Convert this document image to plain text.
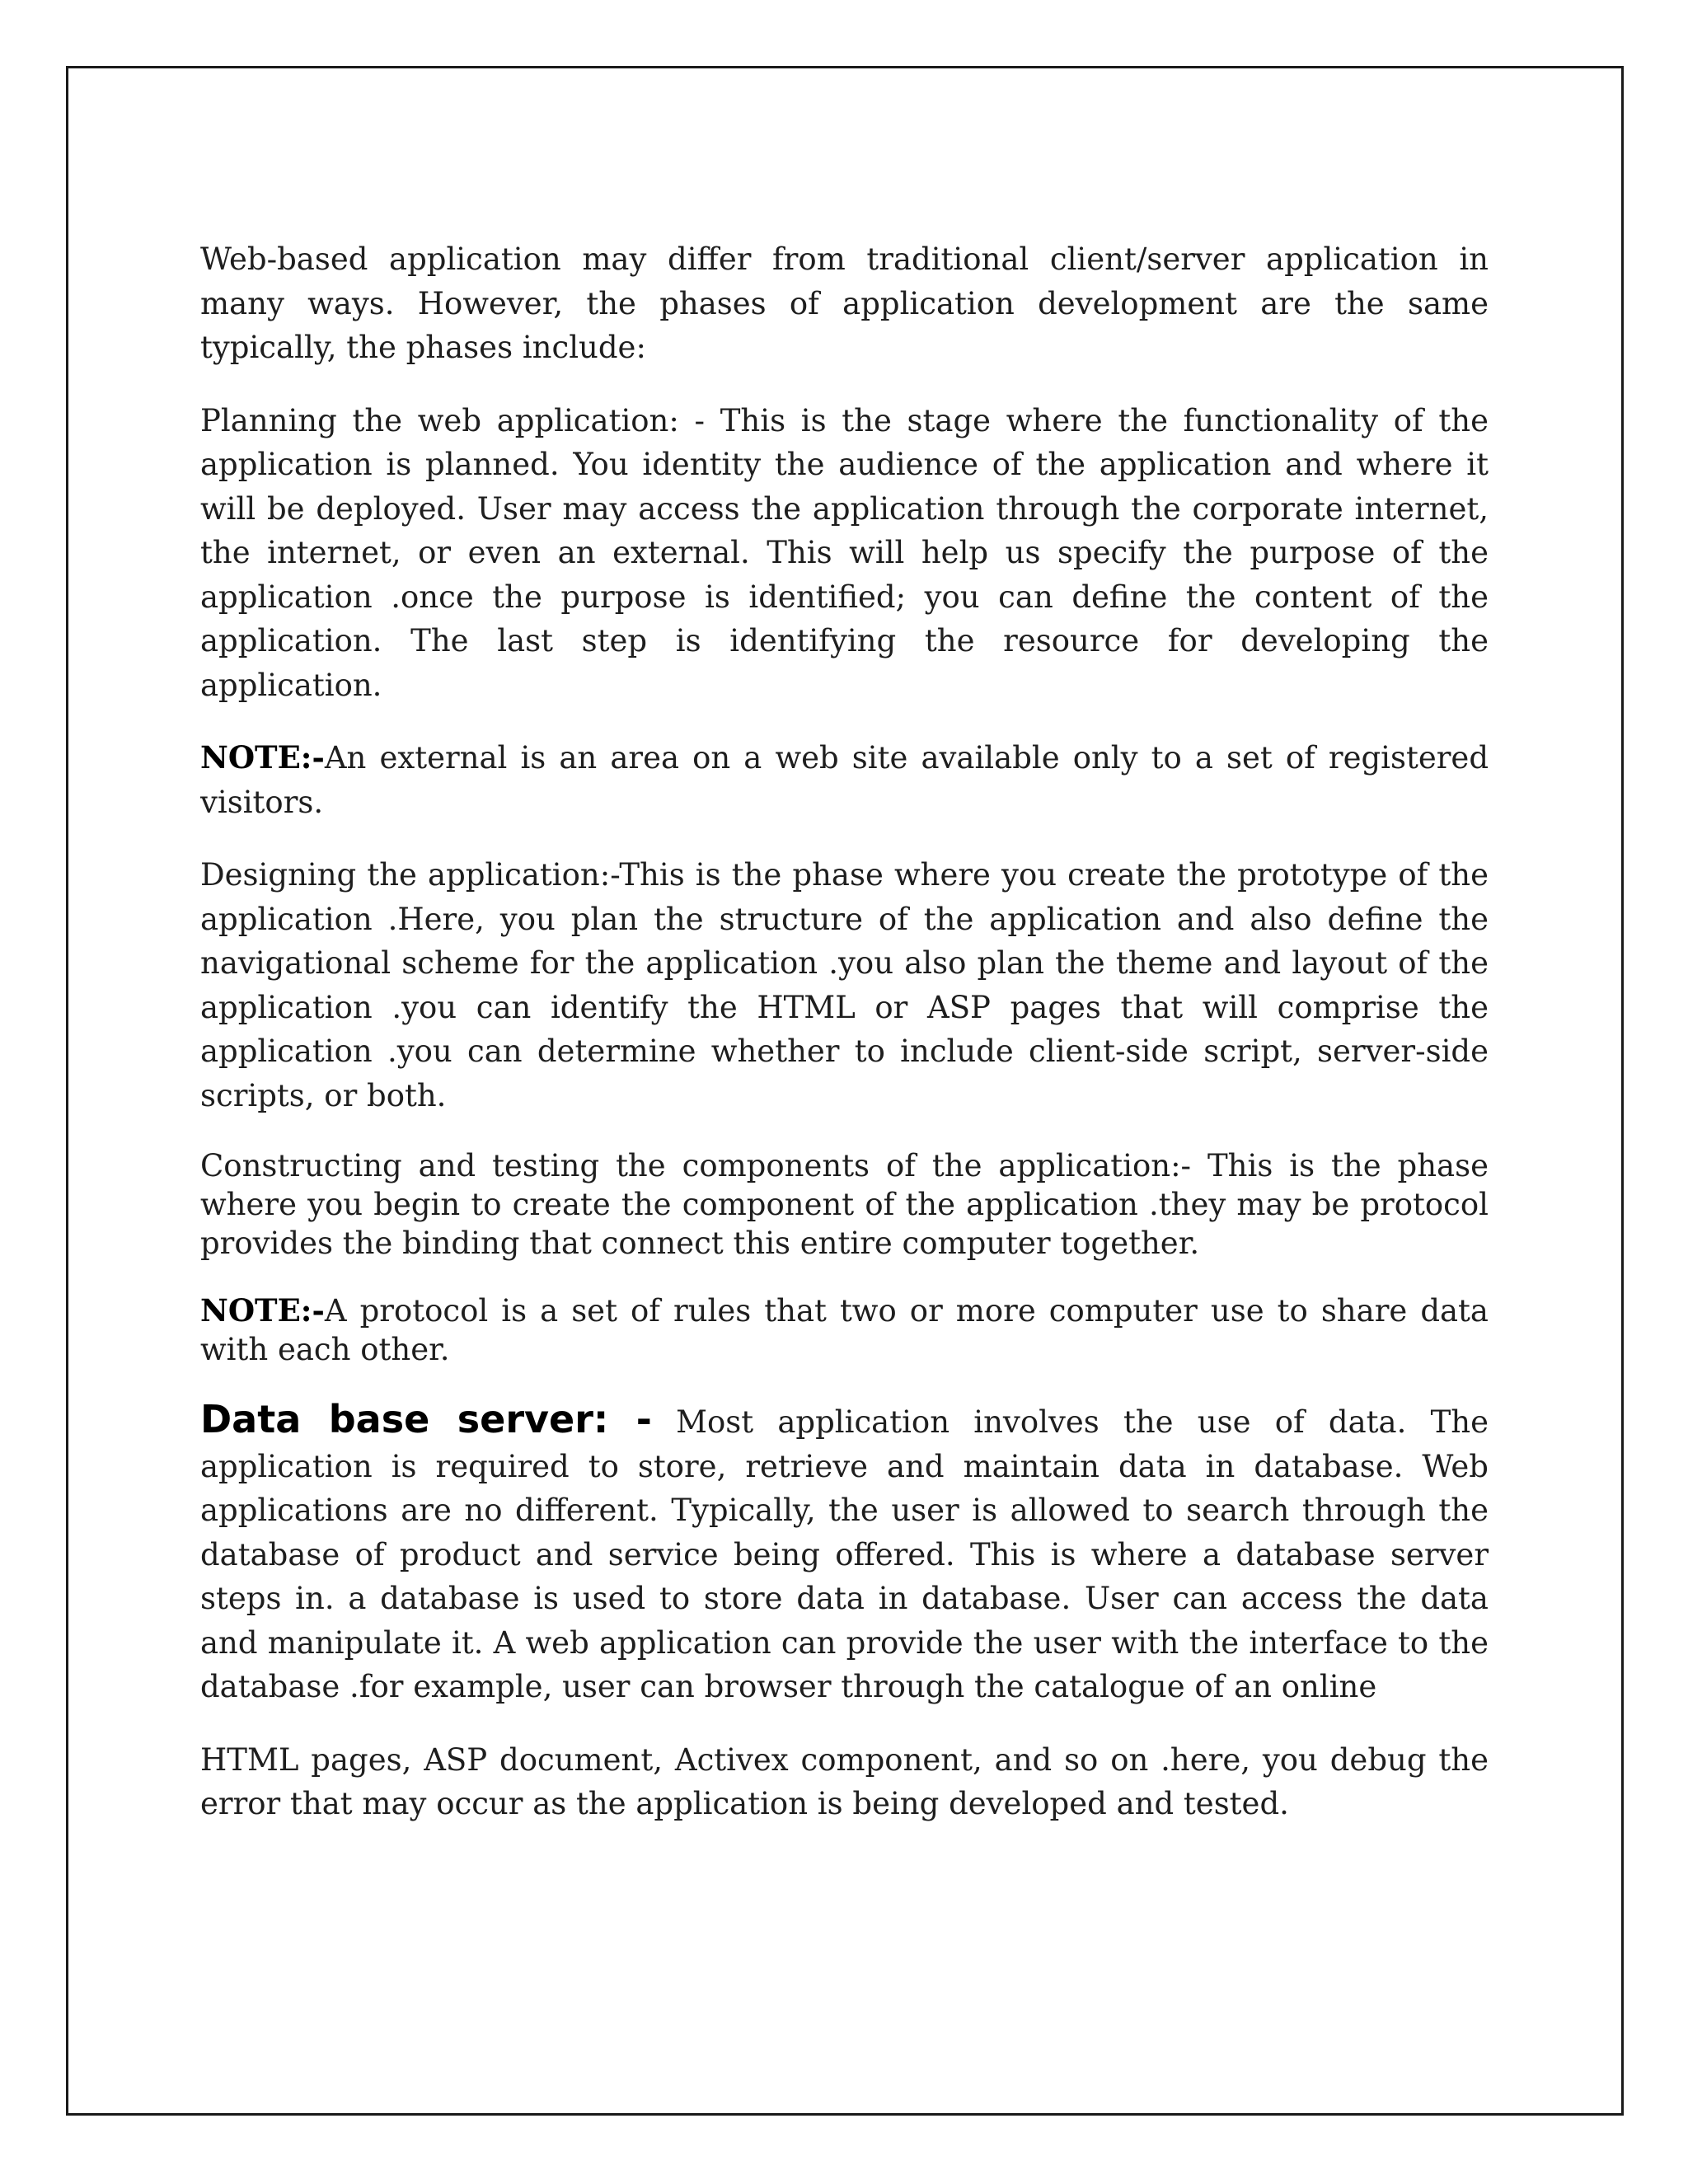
Web-based application may differ from traditional client/server application in many ways. However, the phases of application development are the same typically, the phases include:

Planning the web application: - This is the stage where the functionality of the application is planned. You identity the audience of the application and where it will be deployed. User may access the application through the corporate internet, the internet, or even an external. This will help us specify the purpose of the application .once the purpose is identified; you can define the content of the application. The last step is identifying the resource for developing the application.

NOTE:-An external is an area on a web site available only to a set of registered visitors.

Designing the application:-This is the phase where you create the prototype of the application .Here, you plan the structure of the application and also define the navigational scheme for the application .you also plan the theme and layout of the application .you can identify the HTML or ASP pages that will comprise the application .you can determine whether to include client-side script, server-side scripts, or both.

Constructing and testing the components of the application:- This is the phase where you begin to create the component of the application .they may be protocol provides the binding that connect this entire computer together.

NOTE:-A protocol is a set of rules that two or more computer use to share data with each other.

Data base server: - Most application involves the use of data. The application is required to store, retrieve and maintain data in database. Web applications are no different. Typically, the user is allowed to search through the database of product and service being offered. This is where a database server steps in. a database is used to store data in database. User can access the data and manipulate it. A web application can provide the user with the interface to the database .for example, user can browser through the catalogue of an online

HTML pages, ASP document, Activex component, and so on .here, you debug the error that may occur as the application is being developed and tested.
